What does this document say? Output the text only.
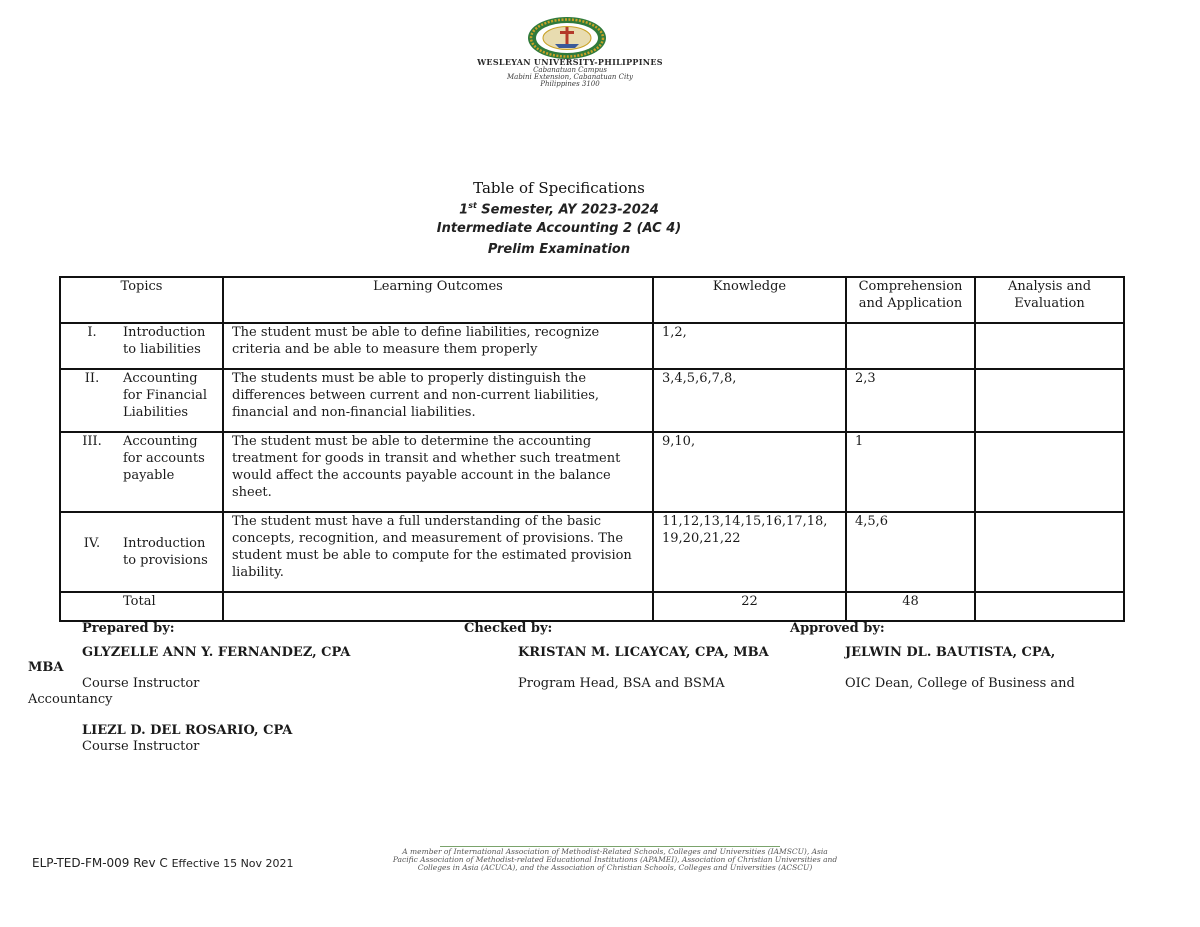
WESLEYAN UNIVERSITY-PHILIPPINES
Cabanatuan Campus
Mabini Extension, Cabanatuan City
Philippines 3100
Table of Specifications
1st Semester, AY 2023-2024
Intermediate Accounting 2 (AC 4)
Prelim Examination
Topics	Learning Outcomes	Knowledge	Comprehension and Application	Analysis and Evaluation

I. Introduction to liabilities	The student must be able to define liabilities, recognize criteria and be able to measure them properly	1,2,		

II. Accounting for Financial Liabilities	The students must be able to properly distinguish the differences between current and non-current liabilities, financial and non-financial liabilities.	3,4,5,6,7,8,	2,3	

III. Accounting for accounts payable	The student must be able to determine the accounting treatment for goods in transit and whether such treatment would affect the accounts payable account in the balance sheet.	9,10,	1	

IV. Introduction to provisions	The student must have a full understanding of the basic concepts, recognition, and measurement of provisions. The student must be able to compute for the estimated provision liability.	11,12,13,14,15,16,17,18, 19,20,21,22	4,5,6	

Total		22	48	
Prepared by:	Checked by:	Approved by:
GLYZELLE ANN Y. FERNANDEZ, CPA	KRISTAN M. LICAYCAY, CPA, MBA	JELWIN DL. BAUTISTA, CPA,
MBA
Course Instructor	Program Head, BSA and BSMA	OIC Dean, College of Business and
Accountancy
LIEZL D. DEL ROSARIO, CPA
Course Instructor
A member of International Association of Methodist-Related Schools, Colleges and Universities (IAMSCU), Asia
Pacific Association of Methodist-related Educational Institutions (APAMEI), Association of Christian Universities and
Colleges in Asia (ACUCA), and the Association of Christian Schools, Colleges and Universities (ACSCU)
ELP-TED-FM-009 Rev C Effective 15 Nov 2021
